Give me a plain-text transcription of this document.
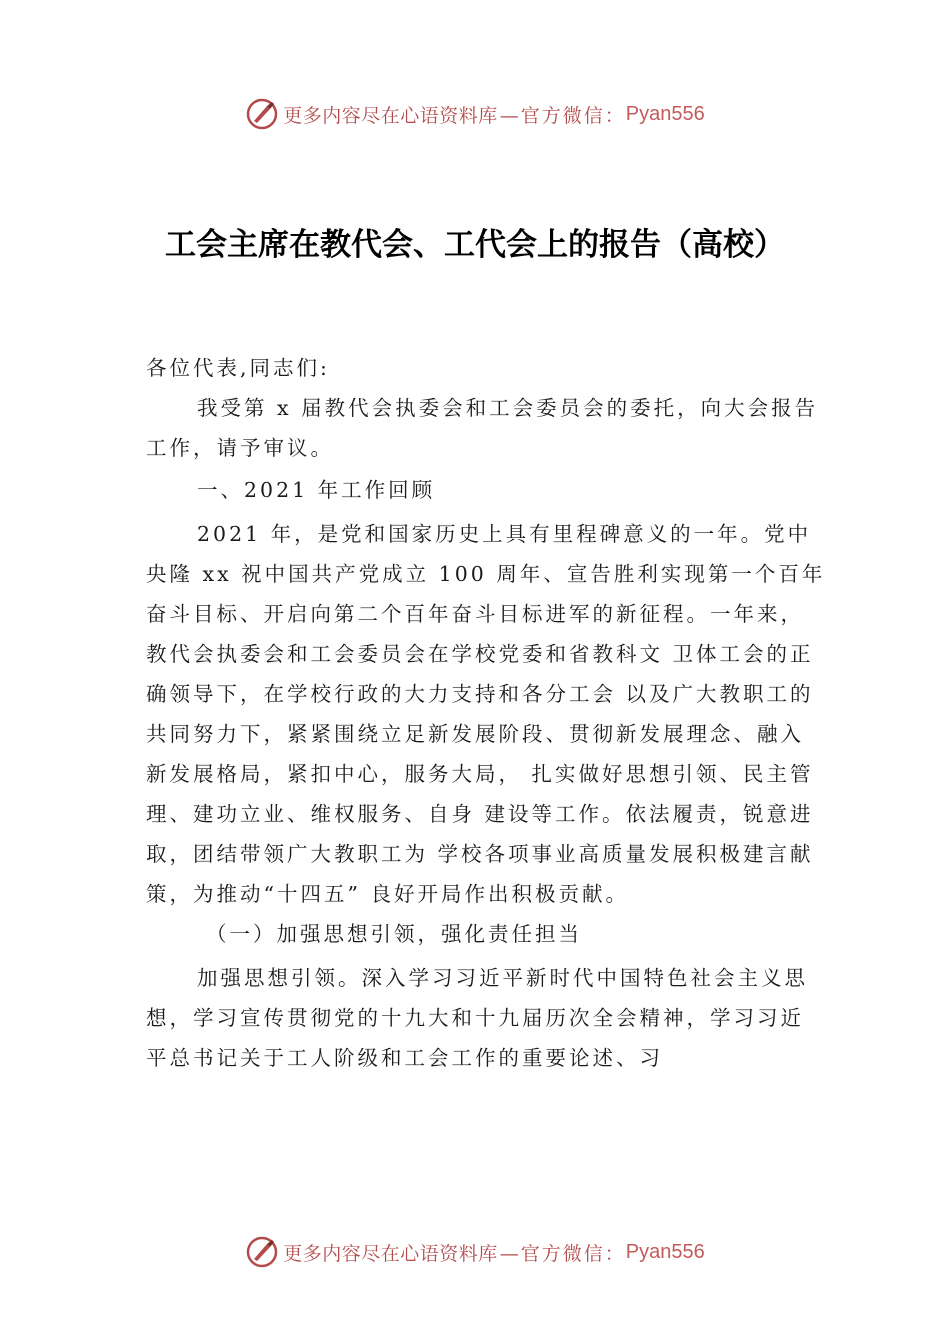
更多内容尽在心语资料库 —官方微信： Pyan556
工会主席在教代会、工代会上的报告（高校）

各位代表,同志们:

我受第 x 届教代会执委会和工会委员会的委托，向大会报告工作，请予审议。

一、2021 年工作回顾

2021 年，是党和国家历史上具有里程碑意义的一年。党中央隆 xx 祝中国共产党成立 100 周年、宣告胜利实现第一个百年奋斗目标、开启向第二个百年奋斗目标进军的新征程。一年来，教代会执委会和工会委员会在学校党委和省教科文 卫体工会的正确领导下，在学校行政的大力支持和各分工会 以及广大教职工的共同努力下，紧紧围绕立足新发展阶段、贯彻新发展理念、融入新发展格局，紧扣中心，服务大局， 扎实做好思想引领、民主管理、建功立业、维权服务、自身 建设等工作。依法履责，锐意进取，团结带领广大教职工为 学校各项事业高质量发展积极建言献策，为推动“十四五” 良好开局作出积极贡献。

（一）加强思想引领，强化责任担当

加强思想引领。深入学习习近平新时代中国特色社会主义思想，学习宣传贯彻党的十九大和十九届历次全会精神，学习习近平总书记关于工人阶级和工会工作的重要论述、习

更多内容尽在心语资料库 —官方微信： Pyan556
